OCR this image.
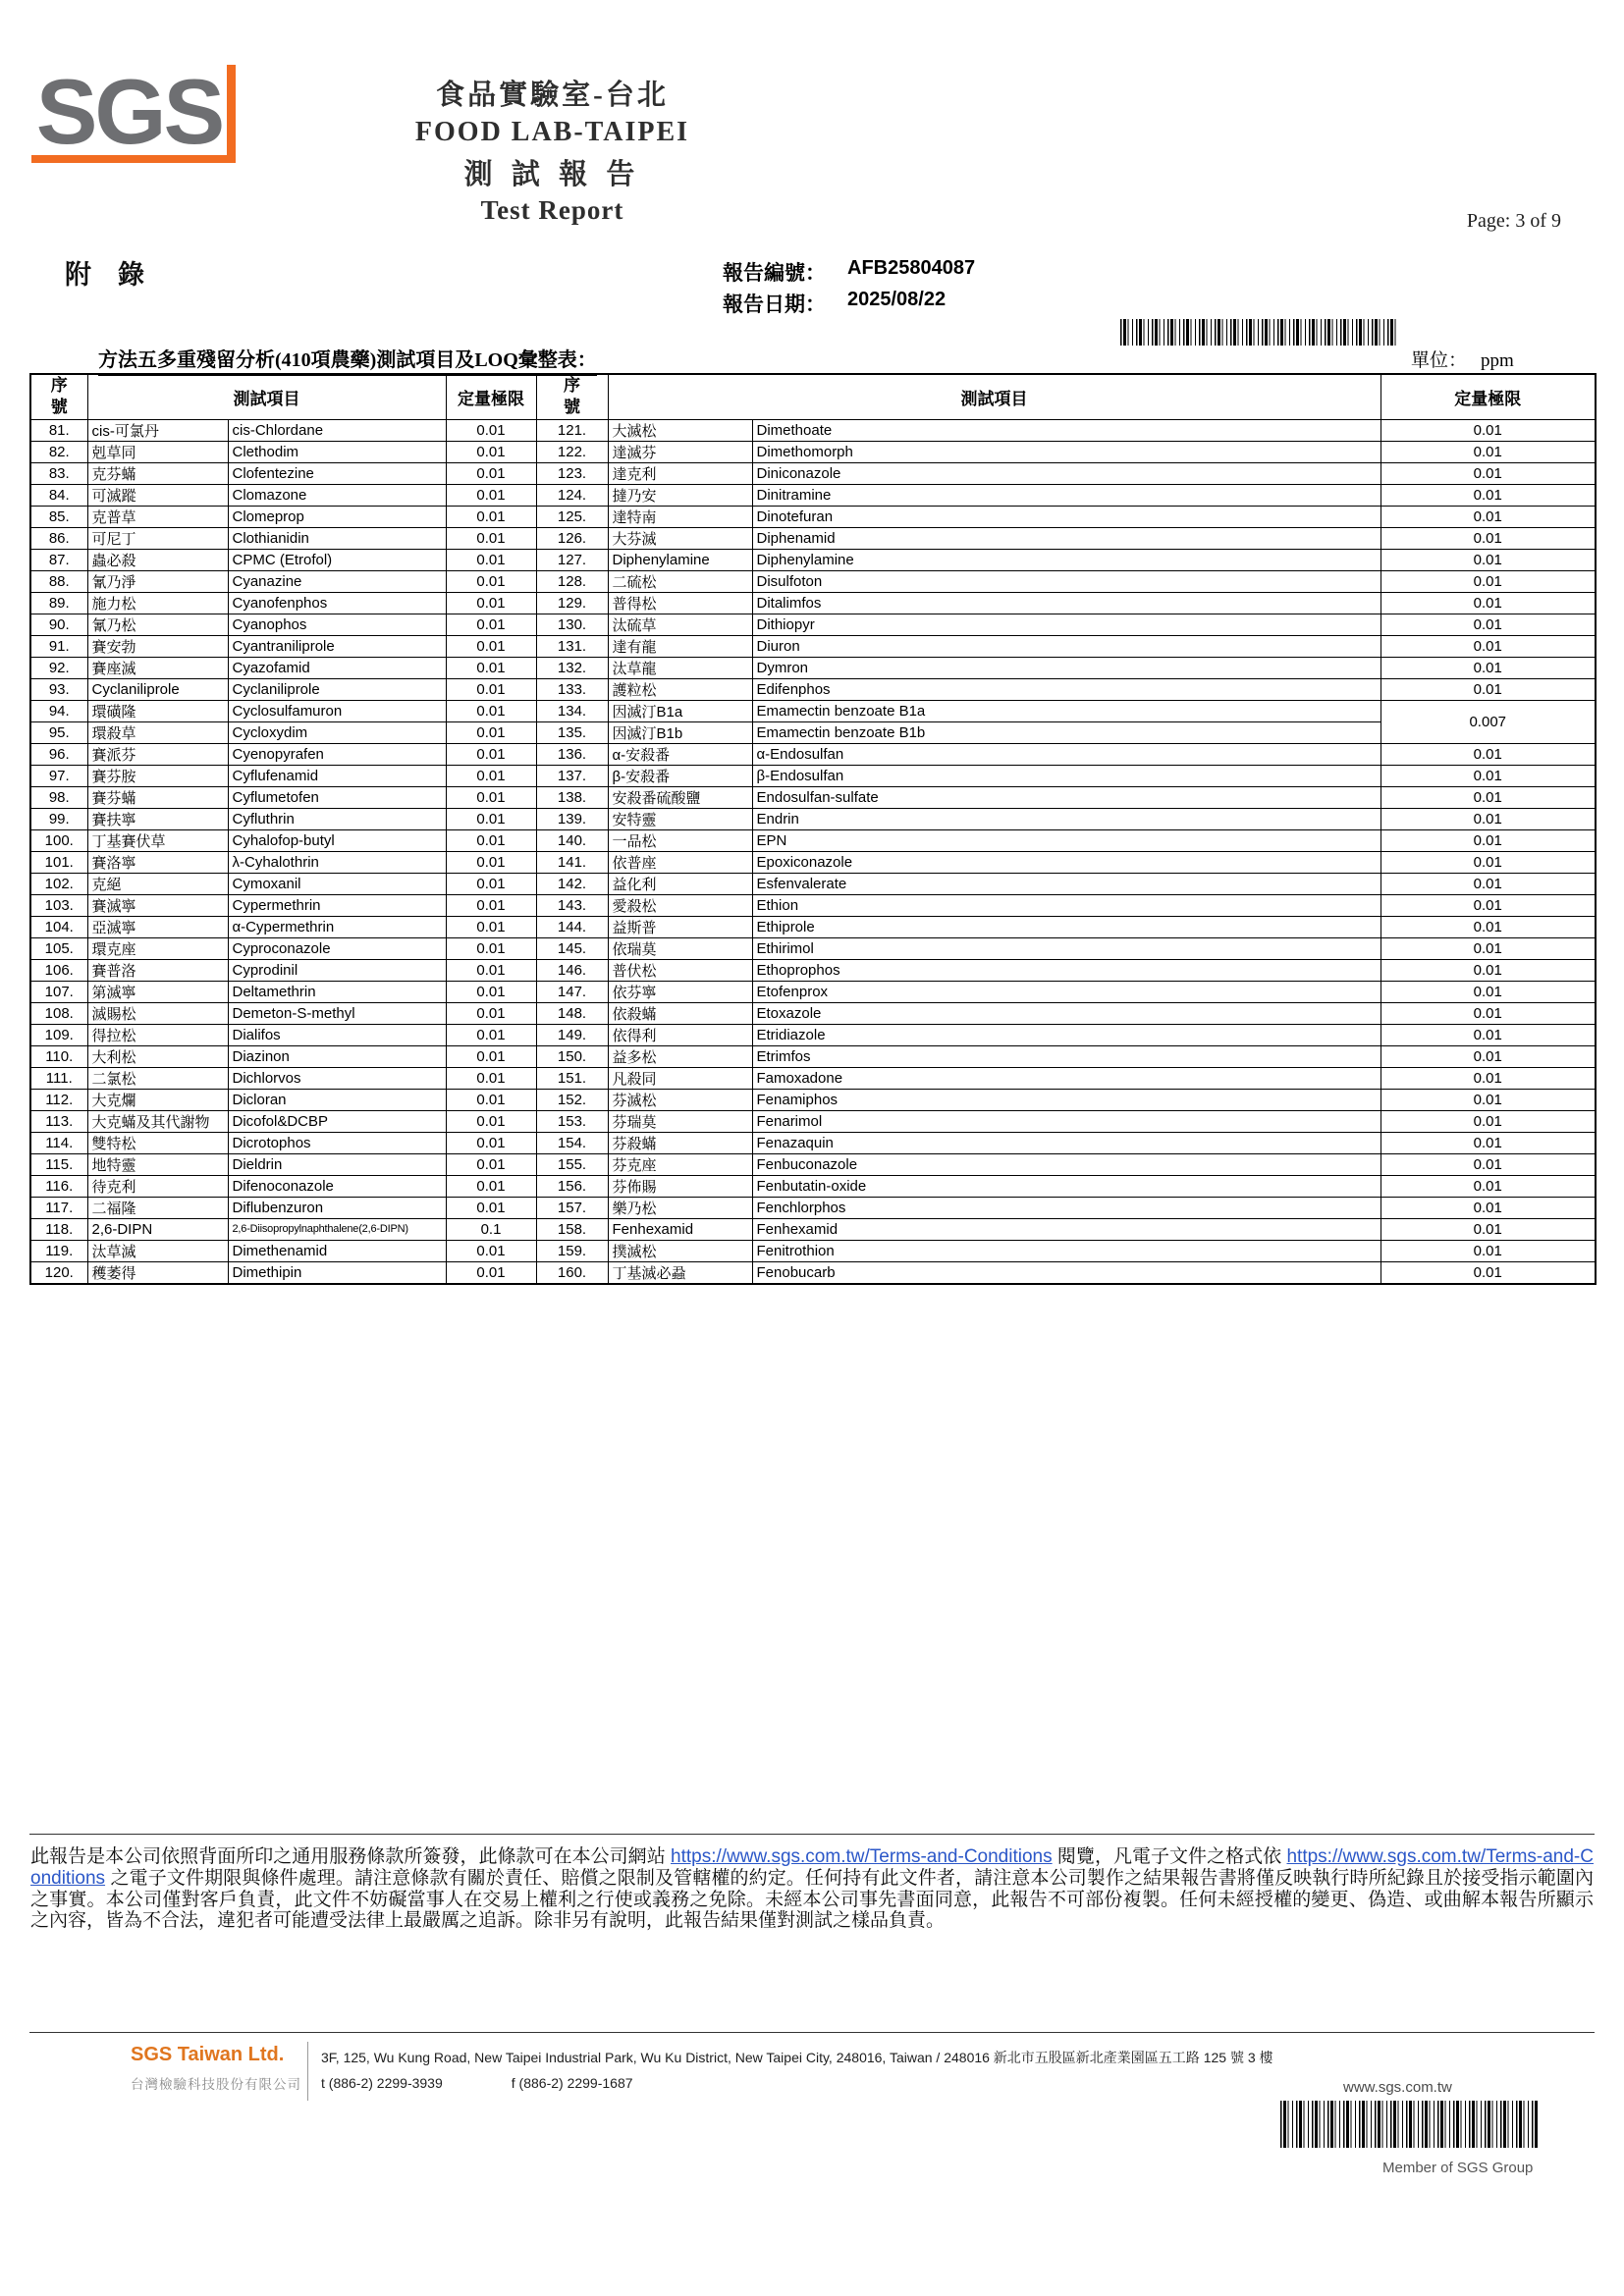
SGS	食品實驗室-台北
FOOD LAB-TAIPEI
測 試 報 告
Test Report	Page: 3 of 9
附　錄	報告編號： AFB25804087
報告日期： 2025/08/22
方法五多重殘留分析(410項農藥)測試項目及LOQ彙整表：	單位： ppm
序號	測試項目		定量極限	序號	測試項目		定量極限
81.	cis-可氯丹	cis-Chlordane	0.01	121.	大滅松	Dimethoate	0.01
82.	剋草同	Clethodim	0.01	122.	達滅芬	Dimethomorph	0.01
83.	克芬蟎	Clofentezine	0.01	123.	達克利	Diniconazole	0.01
84.	可滅蹤	Clomazone	0.01	124.	撻乃安	Dinitramine	0.01
85.	克普草	Clomeprop	0.01	125.	達特南	Dinotefuran	0.01
86.	可尼丁	Clothianidin	0.01	126.	大芬滅	Diphenamid	0.01
87.	蟲必殺	CPMC (Etrofol)	0.01	127.	Diphenylamine	Diphenylamine	0.01
88.	氰乃淨	Cyanazine	0.01	128.	二硫松	Disulfoton	0.01
89.	施力松	Cyanofenphos	0.01	129.	普得松	Ditalimfos	0.01
90.	氰乃松	Cyanophos	0.01	130.	汰硫草	Dithiopyr	0.01
91.	賽安勃	Cyantraniliprole	0.01	131.	達有龍	Diuron	0.01
92.	賽座滅	Cyazofamid	0.01	132.	汰草龍	Dymron	0.01
93.	Cyclaniliprole	Cyclaniliprole	0.01	133.	護粒松	Edifenphos	0.01
94.	環磺隆	Cyclosulfamuron	0.01	134.	因滅汀B1a	Emamectin benzoate B1a	0.007
95.	環殺草	Cycloxydim	0.01	135.	因滅汀B1b	Emamectin benzoate B1b	
96.	賽派芬	Cyenopyrafen	0.01	136.	α-安殺番	α-Endosulfan	0.01
97.	賽芬胺	Cyflufenamid	0.01	137.	β-安殺番	β-Endosulfan	0.01
98.	賽芬蟎	Cyflumetofen	0.01	138.	安殺番硫酸鹽	Endosulfan-sulfate	0.01
99.	賽扶寧	Cyfluthrin	0.01	139.	安特靈	Endrin	0.01
100.	丁基賽伏草	Cyhalofop-butyl	0.01	140.	一品松	EPN	0.01
101.	賽洛寧	λ-Cyhalothrin	0.01	141.	依普座	Epoxiconazole	0.01
102.	克絕	Cymoxanil	0.01	142.	益化利	Esfenvalerate	0.01
103.	賽滅寧	Cypermethrin	0.01	143.	愛殺松	Ethion	0.01
104.	亞滅寧	α-Cypermethrin	0.01	144.	益斯普	Ethiprole	0.01
105.	環克座	Cyproconazole	0.01	145.	依瑞莫	Ethirimol	0.01
106.	賽普洛	Cyprodinil	0.01	146.	普伏松	Ethoprophos	0.01
107.	第滅寧	Deltamethrin	0.01	147.	依芬寧	Etofenprox	0.01
108.	滅賜松	Demeton-S-methyl	0.01	148.	依殺蟎	Etoxazole	0.01
109.	得拉松	Dialifos	0.01	149.	依得利	Etridiazole	0.01
110.	大利松	Diazinon	0.01	150.	益多松	Etrimfos	0.01
111.	二氯松	Dichlorvos	0.01	151.	凡殺同	Famoxadone	0.01
112.	大克爛	Dicloran	0.01	152.	芬滅松	Fenamiphos	0.01
113.	大克蟎及其代謝物	Dicofol&DCBP	0.01	153.	芬瑞莫	Fenarimol	0.01
114.	雙特松	Dicrotophos	0.01	154.	芬殺蟎	Fenazaquin	0.01
115.	地特靈	Dieldrin	0.01	155.	芬克座	Fenbuconazole	0.01
116.	待克利	Difenoconazole	0.01	156.	芬佈賜	Fenbutatin-oxide	0.01
117.	二福隆	Diflubenzuron	0.01	157.	樂乃松	Fenchlorphos	0.01
118.	2,6-DIPN	2,6-Diisopropylnaphthalene(2,6-DIPN)	0.1	158.	Fenhexamid	Fenhexamid	0.01
119.	汰草滅	Dimethenamid	0.01	159.	撲滅松	Fenitrothion	0.01
120.	穫萎得	Dimethipin	0.01	160.	丁基滅必蝨	Fenobucarb	0.01
此報告是本公司依照背面所印之通用服務條款所簽發，此條款可在本公司網站 https://www.sgs.com.tw/Terms-and-Conditions 閱覽，凡電子文件之格式依 https://www.sgs.com.tw/Terms-and-Conditions 之電子文件期限與條件處理。請注意條款有關於責任、賠償之限制及管轄權的約定。任何持有此文件者，請注意本公司製作之結果報告書將僅反映執行時所紀錄且於接受指示範圍內之事實。本公司僅對客戶負責，此文件不妨礙當事人在交易上權利之行使或義務之免除。未經本公司事先書面同意，此報告不可部份複製。任何未經授權的變更、偽造、或曲解本報告所顯示之內容，皆為不合法，違犯者可能遭受法律上最嚴厲之追訴。除非另有說明，此報告結果僅對測試之樣品負責。
SGS Taiwan Ltd.
台灣檢驗科技股份有限公司
3F, 125, Wu Kung Road, New Taipei Industrial Park, Wu Ku District, New Taipei City, 248016, Taiwan / 248016 新北市五股區新北產業園區五工路 125 號 3 樓
t (886-2) 2299-3939	f (886-2) 2299-1687	www.sgs.com.tw
Member of SGS Group
